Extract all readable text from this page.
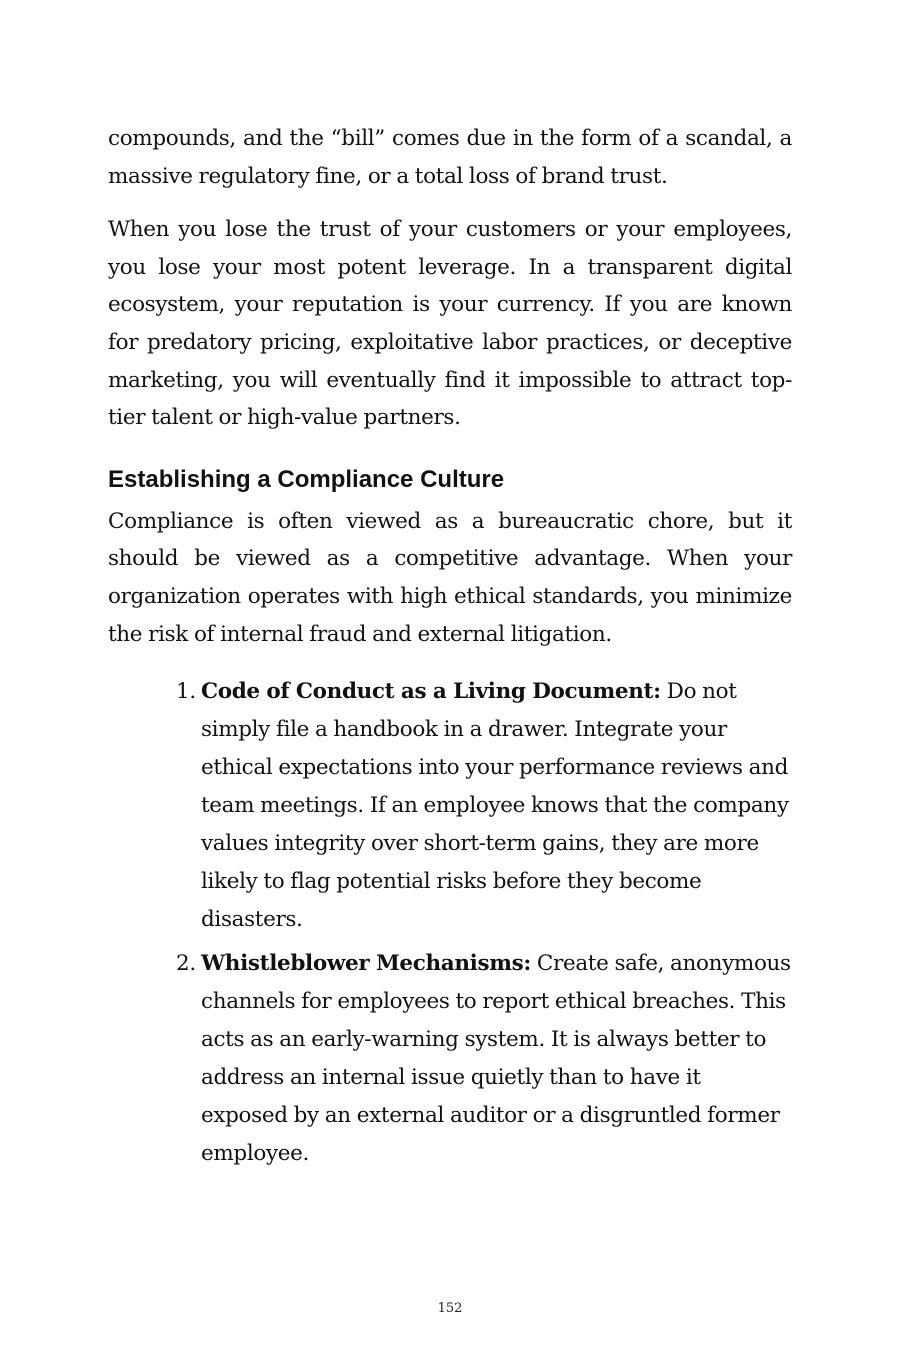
compounds, and the “bill” comes due in the form of a scandal, a massive regulatory fine, or a total loss of brand trust.

When you lose the trust of your customers or your employees, you lose your most potent leverage. In a transparent digital ecosystem, your reputation is your currency. If you are known for predatory pricing, exploitative labor practices, or deceptive marketing, you will eventually find it impossible to attract top-tier talent or high-value partners.

Establishing a Compliance Culture

Compliance is often viewed as a bureaucratic chore, but it should be viewed as a competitive advantage. When your organization operates with high ethical standards, you minimize the risk of internal fraud and external litigation.

1. Code of Conduct as a Living Document: Do not simply file a handbook in a drawer. Integrate your ethical expectations into your performance reviews and team meetings. If an employee knows that the company values integrity over short-term gains, they are more likely to flag potential risks before they become disasters.
2. Whistleblower Mechanisms: Create safe, anonymous channels for employees to report ethical breaches. This acts as an early-warning system. It is always better to address an internal issue quietly than to have it exposed by an external auditor or a disgruntled former employee.
152
